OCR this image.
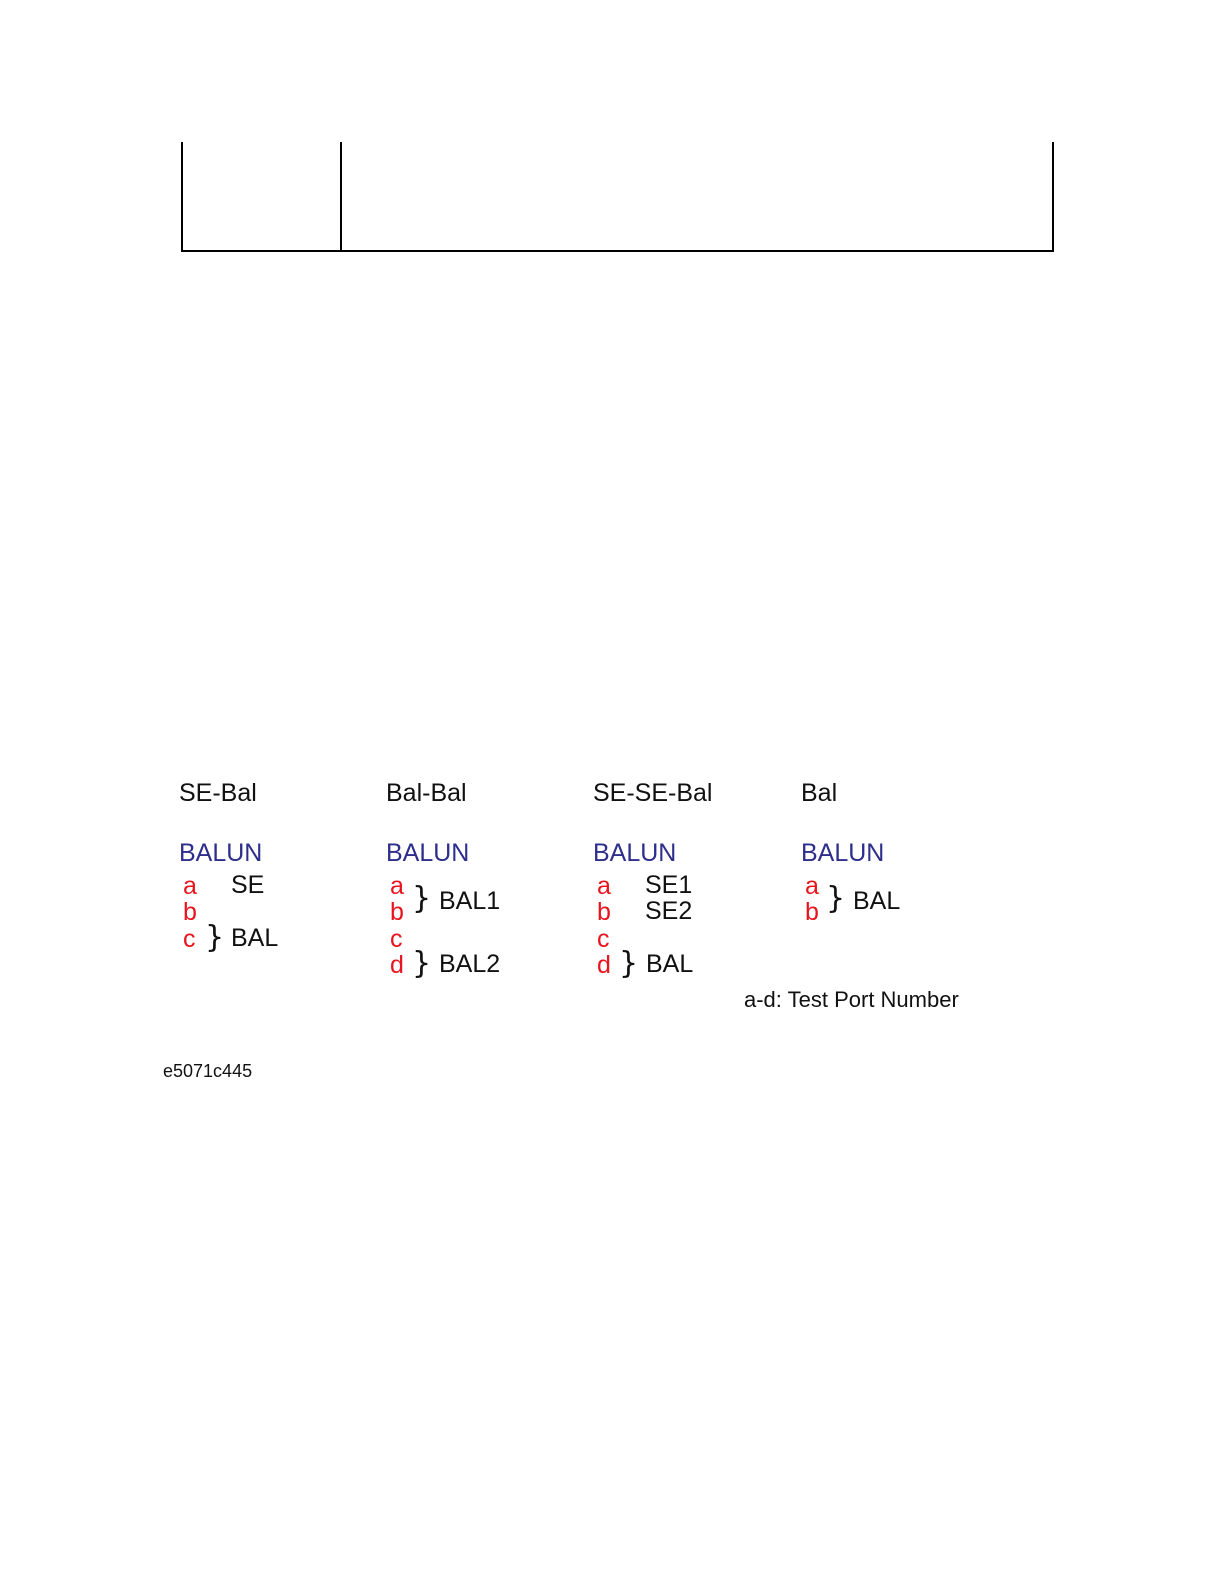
SE-Bal
BALUN
a
b
c
SE
} BAL
Bal-Bal
BALUN
a
b
c
d
} BAL1
} BAL2
SE-SE-Bal
BALUN
a
b
c
d
SE1
SE2
} BAL
Bal
BALUN
a
b } BAL
a-d: Test Port Number
e5071c445
